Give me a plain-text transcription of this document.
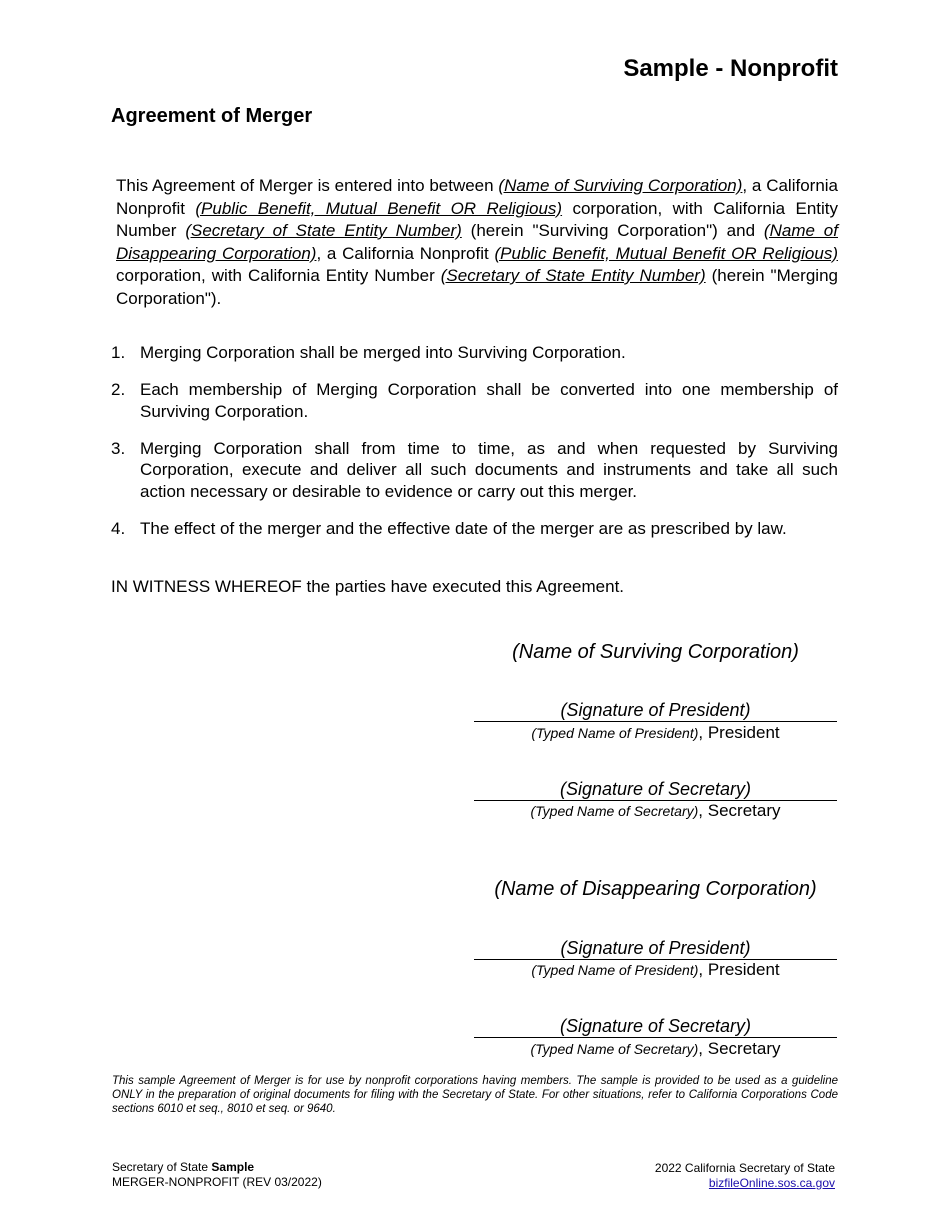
Sample - Nonprofit
Agreement of Merger

This Agreement of Merger is entered into between (Name of Surviving Corporation), a California Nonprofit (Public Benefit, Mutual Benefit OR Religious) corporation, with California Entity Number (Secretary of State Entity Number) (herein "Surviving Corporation") and (Name of Disappearing Corporation), a California Nonprofit (Public Benefit, Mutual Benefit OR Religious) corporation, with California Entity Number (Secretary of State Entity Number) (herein "Merging Corporation").

1. Merging Corporation shall be merged into Surviving Corporation.
2. Each membership of Merging Corporation shall be converted into one membership of Surviving Corporation.
3. Merging Corporation shall from time to time, as and when requested by Surviving Corporation, execute and deliver all such documents and instruments and take all such action necessary or desirable to evidence or carry out this merger.
4. The effect of the merger and the effective date of the merger are as prescribed by law.
IN WITNESS WHEREOF the parties have executed this Agreement.
(Name of Surviving Corporation)
(Signature of President)
(Typed Name of President), President
(Signature of Secretary)
(Typed Name of Secretary), Secretary
(Name of Disappearing Corporation)
(Signature of President)
(Typed Name of President), President
(Signature of Secretary)
(Typed Name of Secretary), Secretary

This sample Agreement of Merger is for use by nonprofit corporations having members. The sample is provided to be used as a guideline ONLY in the preparation of original documents for filing with the Secretary of State. For other situations, refer to California Corporations Code sections 6010 et seq., 8010 et seq. or 9640.

Secretary of State Sample
MERGER-NONPROFIT (REV 03/2022)
2022 California Secretary of State
bizfileOnline.sos.ca.gov
